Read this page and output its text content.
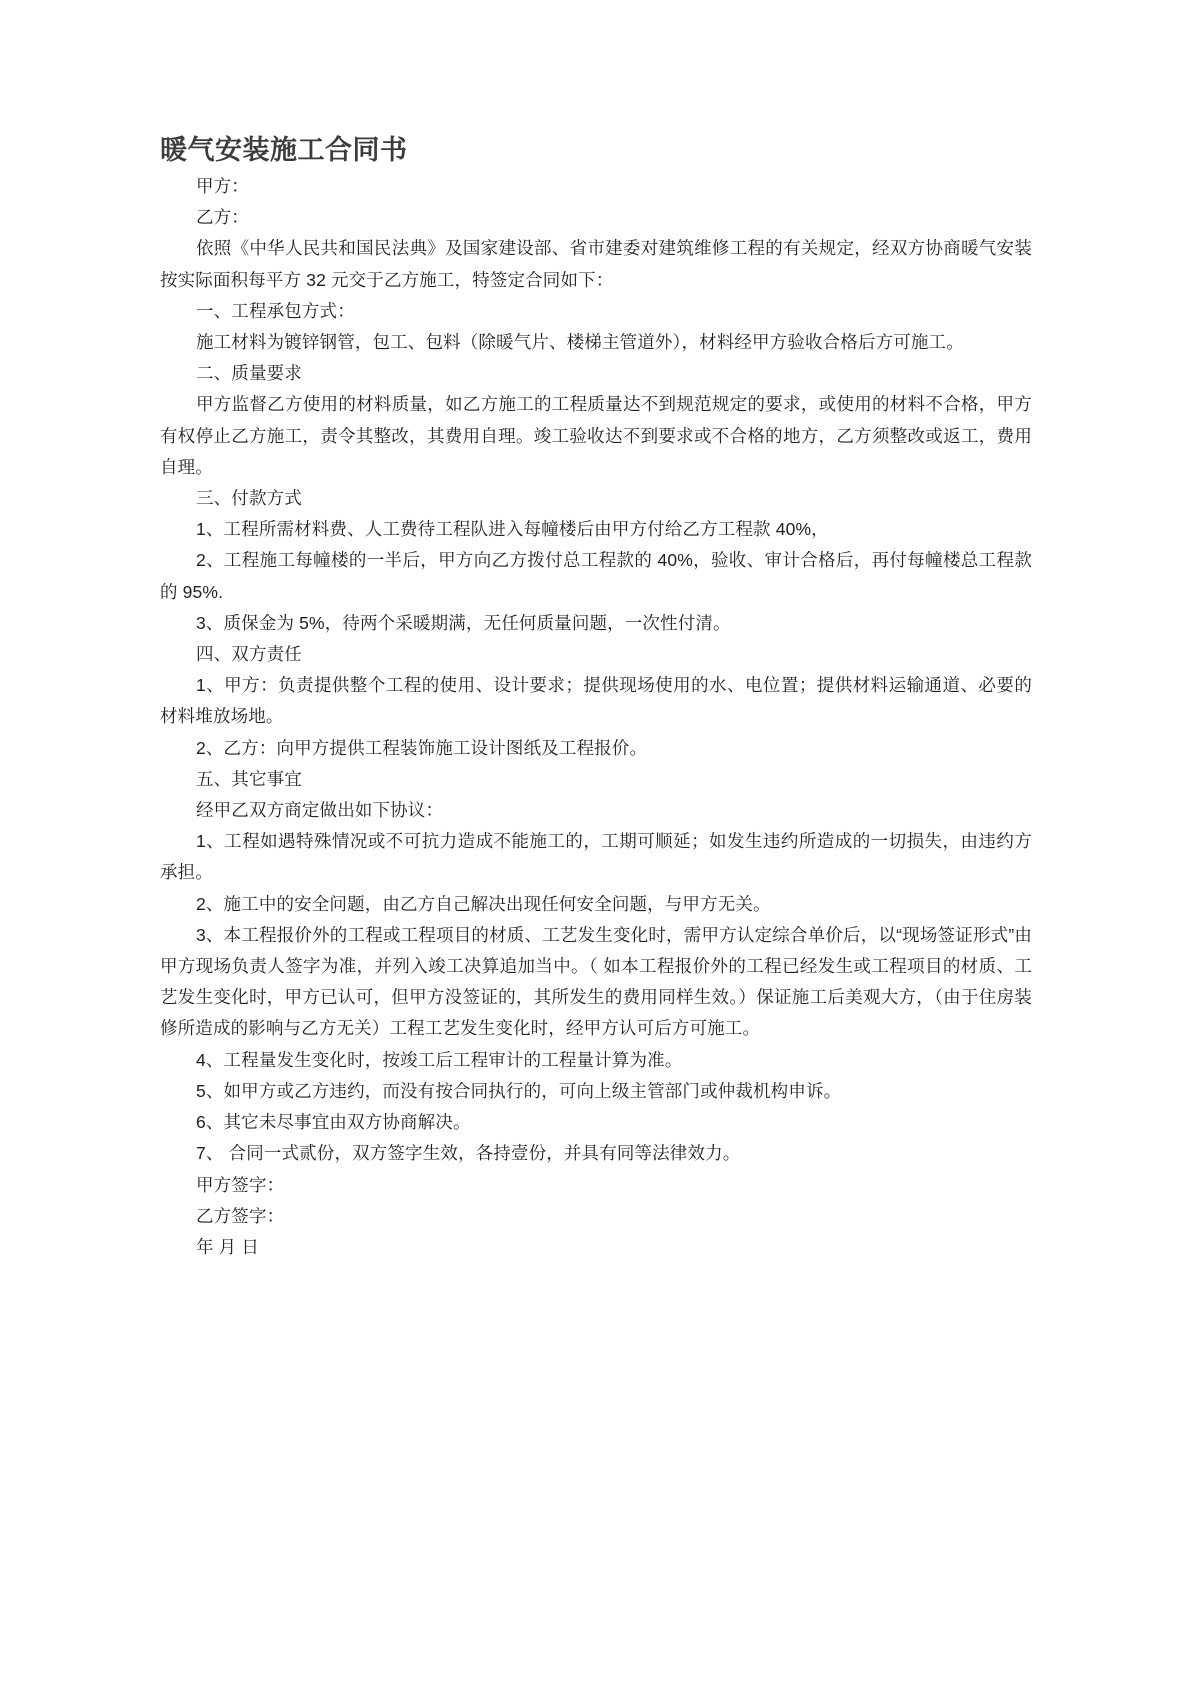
暖气安装施工合同书

甲方：

乙方：

依照《中华人民共和国民法典》及国家建设部、省市建委对建筑维修工程的有关规定，经双方协商暖气安装按实际面积每平方 32 元交于乙方施工，特签定合同如下：

一、工程承包方式：

施工材料为镀锌钢管，包工、包料（除暖气片、楼梯主管道外），材料经甲方验收合格后方可施工。

二、质量要求

甲方监督乙方使用的材料质量，如乙方施工的工程质量达不到规范规定的要求，或使用的材料不合格，甲方有权停止乙方施工，责令其整改，其费用自理。竣工验收达不到要求或不合格的地方，乙方须整改或返工，费用自理。

三、付款方式

1、工程所需材料费、人工费待工程队进入每幢楼后由甲方付给乙方工程款 40%，

2、工程施工每幢楼的一半后，甲方向乙方拨付总工程款的 40%，验收、审计合格后，再付每幢楼总工程款的 95%.

3、质保金为 5%，待两个采暖期满，无任何质量问题，一次性付清。

四、双方责任

1、甲方：负责提供整个工程的使用、设计要求；提供现场使用的水、电位置；提供材料运输通道、必要的材料堆放场地。

2、乙方：向甲方提供工程装饰施工设计图纸及工程报价。

五、其它事宜

经甲乙双方商定做出如下协议：

1、工程如遇特殊情况或不可抗力造成不能施工的，工期可顺延；如发生违约所造成的一切损失，由违约方承担。

2、施工中的安全问题，由乙方自己解决出现任何安全问题，与甲方无关。

3、本工程报价外的工程或工程项目的材质、工艺发生变化时，需甲方认定综合单价后，以“现场签证形式”由甲方现场负责人签字为准，并列入竣工决算追加当中。（ 如本工程报价外的工程已经发生或工程项目的材质、工艺发生变化时，甲方已认可，但甲方没签证的，其所发生的费用同样生效。）保证施工后美观大方，（由于住房装修所造成的影响与乙方无关）工程工艺发生变化时，经甲方认可后方可施工。

4、工程量发生变化时，按竣工后工程审计的工程量计算为准。

5、如甲方或乙方违约，而没有按合同执行的，可向上级主管部门或仲裁机构申诉。

6、其它未尽事宜由双方协商解决。

7、 合同一式贰份，双方签字生效，各持壹份，并具有同等法律效力。

甲方签字：

乙方签字：

年 月 日
